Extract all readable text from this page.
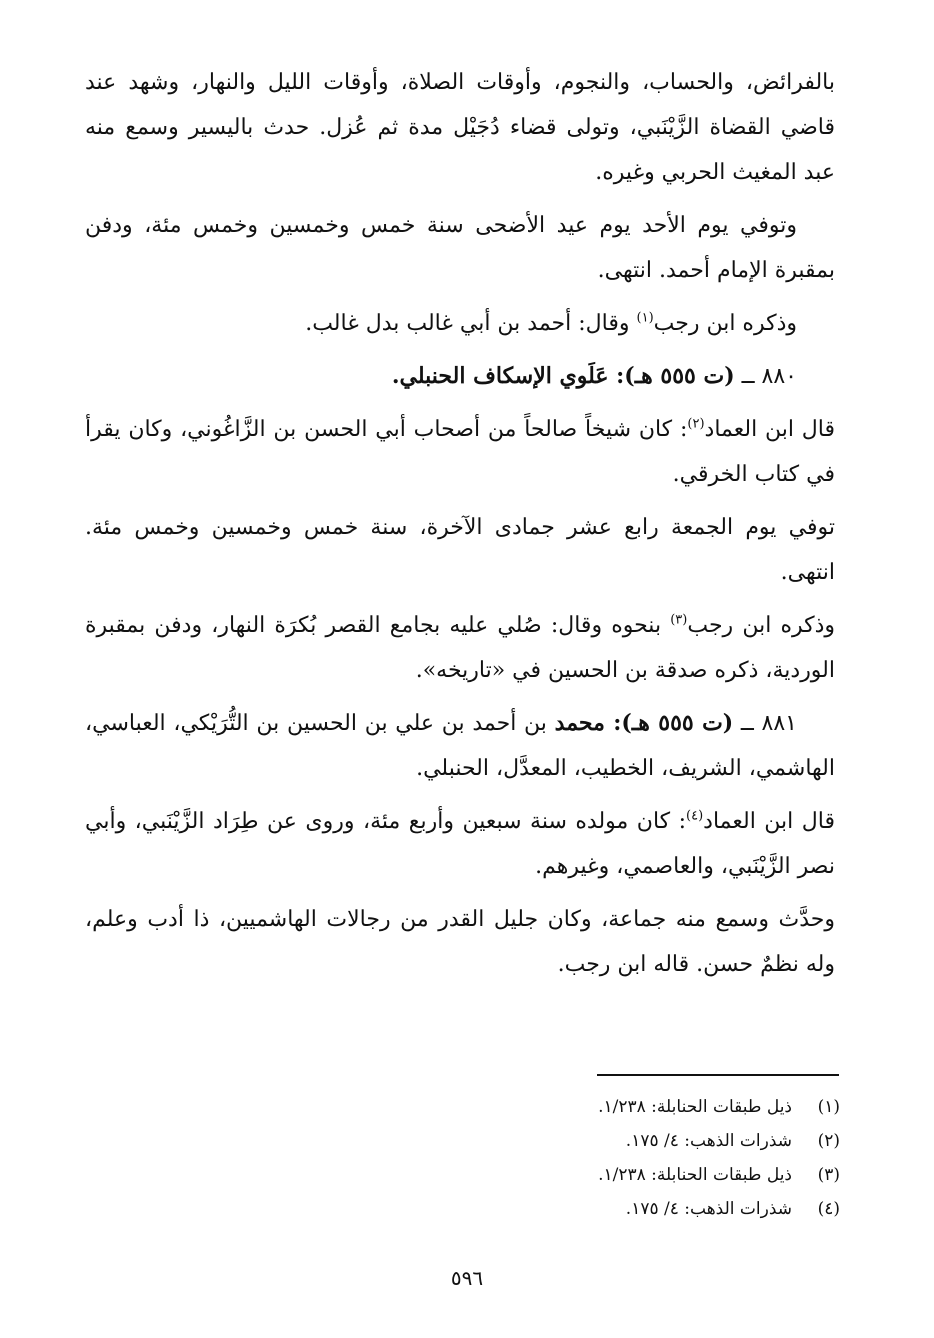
بالفرائض، والحساب، والنجوم، وأوقات الصلاة، وأوقات الليل والنهار، وشهد عند قاضي القضاة الزَّيْنَبي، وتولى قضاء دُجَيْل مدة ثم عُزل. حدث باليسير وسمع منه عبد المغيث الحربي وغيره.

وتوفي يوم الأحد يوم عيد الأضحى سنة خمس وخمسين وخمس مئة، ودفن بمقبرة الإمام أحمد. انتهى.

وذكره ابن رجب$^{(١)}$ وقال: أحمد بن أبي غالب بدل غالب.

٨٨٠ ــ (ت ٥٥٥ هـ): عَلَوي الإسكاف الحنبلي.

قال ابن العماد$^{(٢)}$: كان شيخاً صالحاً من أصحاب أبي الحسن بن الزَّاغُوني، وكان يقرأ في كتاب الخرقي.

توفي يوم الجمعة رابع عشر جمادى الآخرة، سنة خمس وخمسين وخمس مئة. انتهى.

وذكره ابن رجب$^{(٣)}$ بنحوه وقال: صُلي عليه بجامع القصر بُكرَة النهار، ودفن بمقبرة الوردية، ذكره صدقة بن الحسين في «تاريخه».

٨٨١ ــ (ت ٥٥٥ هـ): محمد بن أحمد بن علي بن الحسين بن التُّرَيْكي، العباسي، الهاشمي، الشريف، الخطيب، المعدَّل، الحنبلي.

قال ابن العماد$^{(٤)}$: كان مولده سنة سبعين وأربع مئة، وروى عن طِرَاد الزَّيْنَبي، وأبي نصر الزَّيْنَبي، والعاصمي، وغيرهم.

وحدَّث وسمع منه جماعة، وكان جليل القدر من رجالات الهاشميين، ذا أدب وعلم، وله نظمٌ حسن. قاله ابن رجب.

(١)
ذيل طبقات الحنابلة: ١/٢٣٨.
(٢)
شذرات الذهب: ٤/ ١٧٥.
(٣)
ذيل طبقات الحنابلة: ١/٢٣٨.
(٤)
شذرات الذهب: ٤/ ١٧٥.
٥٩٦
